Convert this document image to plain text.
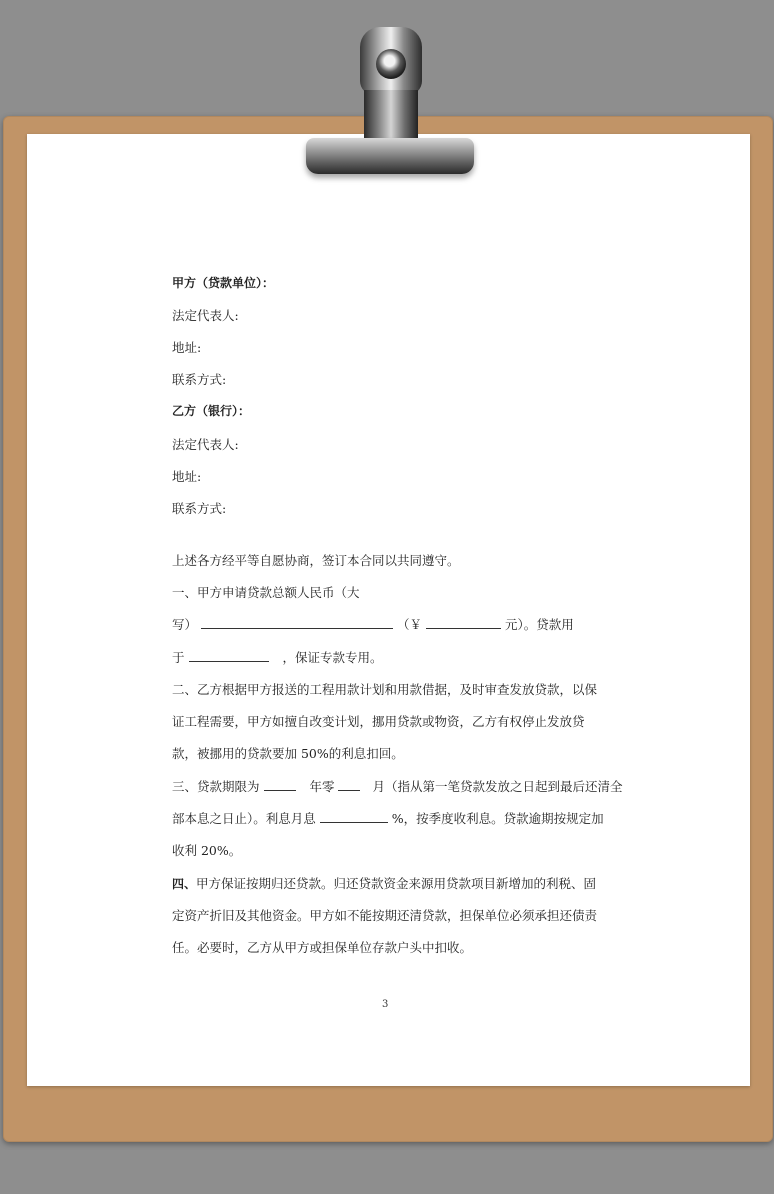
甲方（贷款单位）：
法定代表人:
地址:
联系方式:
乙方（银行）：
法定代表人:
地址:
联系方式:
上述各方经平等自愿协商，签订本合同以共同遵守。
一、甲方申请贷款总额人民币（大
写）	（￥	元）。贷款用
于	，保证专款专用。
二、乙方根据甲方报送的工程用款计划和用款借据，及时审查发放贷款，以保
证工程需要，甲方如擅自改变计划，挪用贷款或物资，乙方有权停止发放贷
款，被挪用的贷款要加 50%的利息扣回。
三、贷款期限为	年零	月（指从第一笔贷款发放之日起到最后还清全
部本息之日止）。利息月息	%，按季度收利息。贷款逾期按规定加
收利 20%。
四、甲方保证按期归还贷款。归还贷款资金来源用贷款项目新增加的利税、固
定资产折旧及其他资金。甲方如不能按期还清贷款，担保单位必须承担还债责
任。必要时，乙方从甲方或担保单位存款户头中扣收。
3
